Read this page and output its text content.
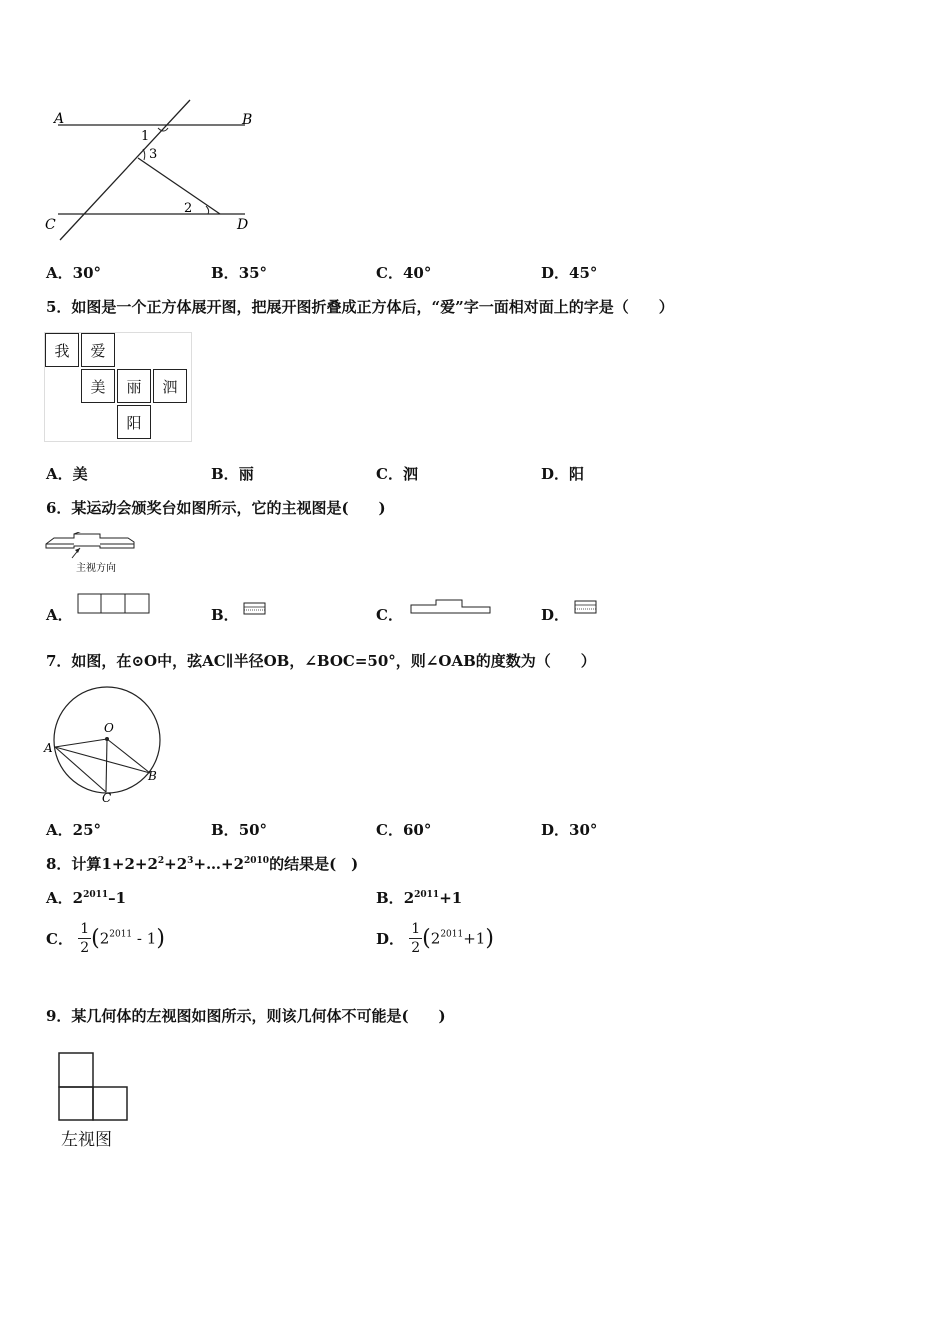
A	B
C	D
1
3
2
A．30°	B．35°	C．40°	D．45°
5．如图是一个正方体展开图，把展开图折叠成正方体后，“爱”字一面相对面上的字是（　　）
我	爱
美	丽	泗
阳
A．美	B．丽	C．泗	D．阳
6．某运动会颁奖台如图所示，它的主视图是(　　)
主视方向
A．	B．	C．	D．
7．如图，在⊙O中，弦AC∥半径OB，∠BOC=50°，则∠OAB的度数为（　　）
O
A
B
C
A．25°	B．50°	C．60°	D．30°
8．计算$1+2+2^2+2^3+\dots+2^{2010}$的结果是(　)
A．$2^{2011}-1$	B．$2^{2011}+1$
C． $\frac{1}{2} (2^{2011} - 1)$	D． $\frac{1}{2} (2^{2011}+1)$
9．某几何体的左视图如图所示，则该几何体不可能是(　　)
左视图
